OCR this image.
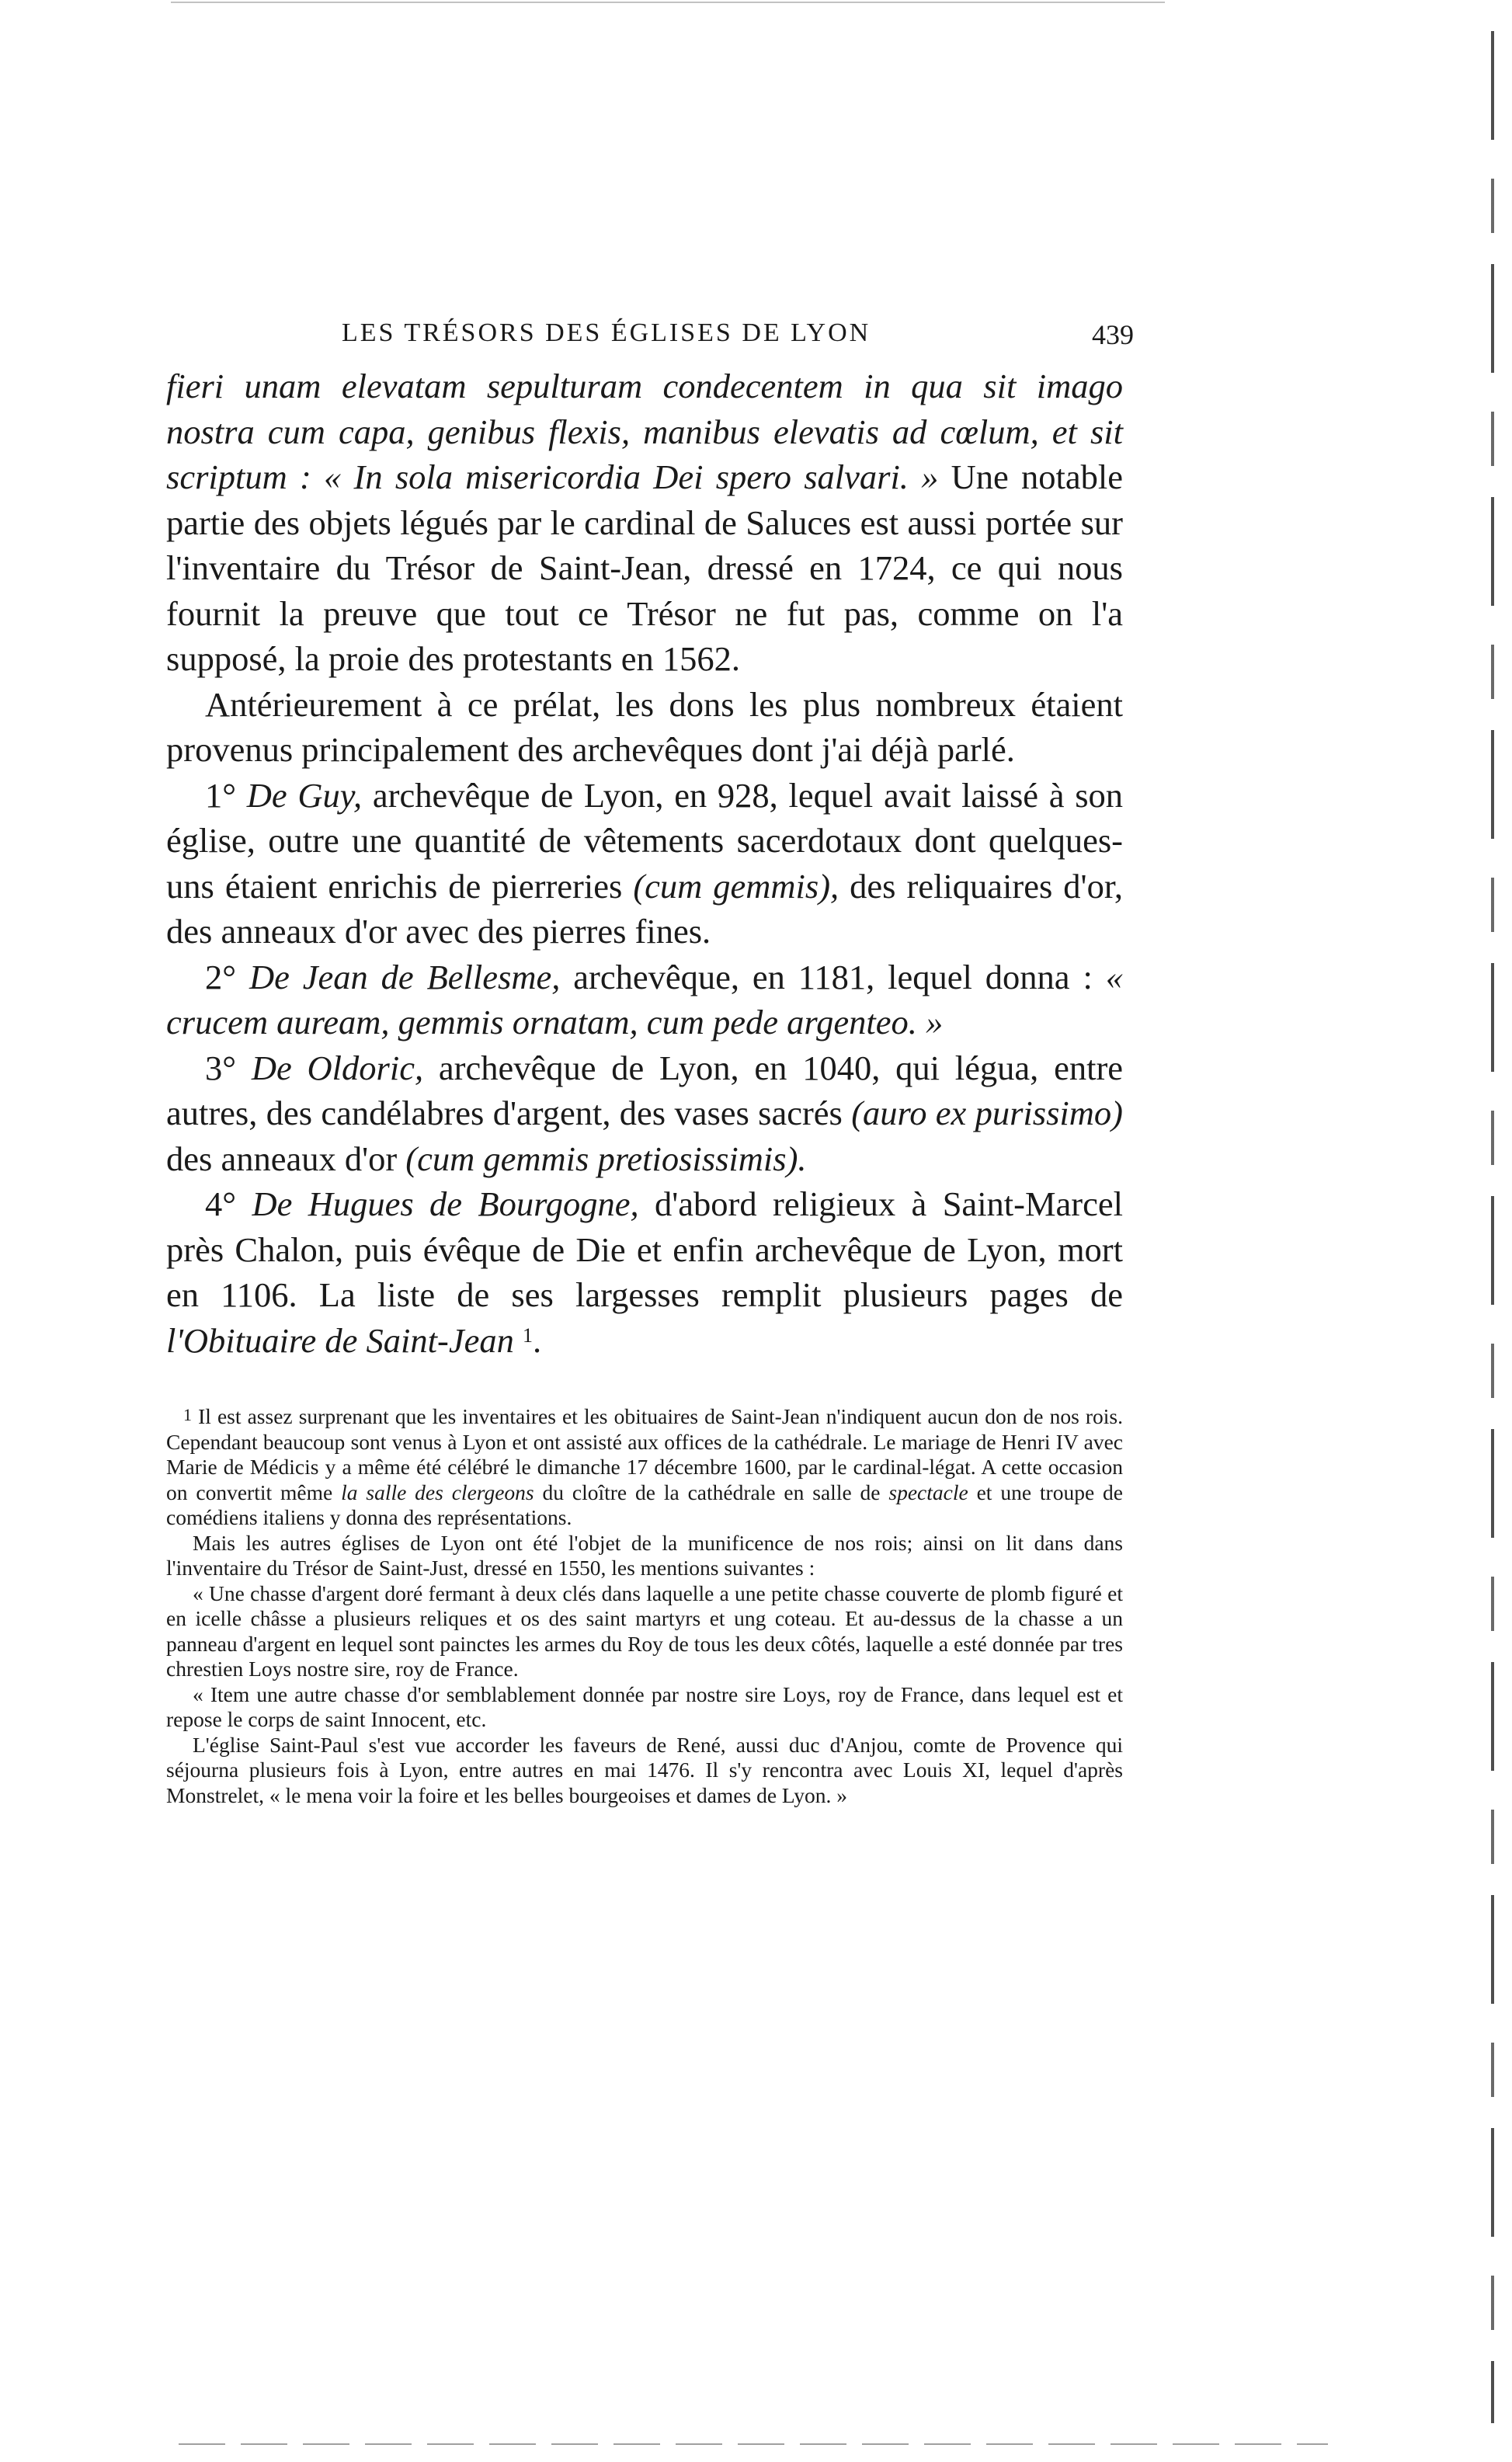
LES TRÉSORS DES ÉGLISES DE LYON	439

fieri unam elevatam sepulturam condecentem in qua sit imago nostra cum capa, genibus flexis, manibus elevatis ad cœlum, et sit scriptum : « In sola misericordia Dei spero salvari. » Une notable partie des objets légués par le cardinal de Saluces est aussi portée sur l'inventaire du Trésor de Saint-Jean, dressé en 1724, ce qui nous fournit la preuve que tout ce Trésor ne fut pas, comme on l'a supposé, la proie des protestants en 1562.

Antérieurement à ce prélat, les dons les plus nombreux étaient provenus principalement des archevêques dont j'ai déjà parlé.

1° De Guy, archevêque de Lyon, en 928, lequel avait laissé à son église, outre une quantité de vêtements sacerdotaux dont quelques-uns étaient enrichis de pierreries (cum gemmis), des reliquaires d'or, des anneaux d'or avec des pierres fines.

2° De Jean de Bellesme, archevêque, en 1181, lequel donna : « crucem auream, gemmis ornatam, cum pede argenteo. »

3° De Oldoric, archevêque de Lyon, en 1040, qui légua, entre autres, des candélabres d'argent, des vases sacrés (auro ex purissimo) des anneaux d'or (cum gemmis pretiosissimis).

4° De Hugues de Bourgogne, d'abord religieux à Saint-Marcel près Chalon, puis évêque de Die et enfin archevêque de Lyon, mort en 1106. La liste de ses largesses remplit plusieurs pages de l'Obituaire de Saint-Jean $^1$.

$^1$ Il est assez surprenant que les inventaires et les obituaires de Saint-Jean n'indiquent aucun don de nos rois. Cependant beaucoup sont venus à Lyon et ont assisté aux offices de la cathédrale. Le mariage de Henri IV avec Marie de Médicis y a même été célébré le dimanche 17 décembre 1600, par le cardinal-légat. A cette occasion on convertit même la salle des clergeons du cloître de la cathédrale en salle de spectacle et une troupe de comédiens italiens y donna des représentations.

Mais les autres églises de Lyon ont été l'objet de la munificence de nos rois; ainsi on lit dans dans l'inventaire du Trésor de Saint-Just, dressé en 1550, les mentions suivantes :

« Une chasse d'argent doré fermant à deux clés dans laquelle a une petite chasse couverte de plomb figuré et en icelle châsse a plusieurs reliques et os des saint martyrs et ung coteau. Et au-dessus de la chasse a un panneau d'argent en lequel sont painctes les armes du Roy de tous les deux côtés, laquelle a esté donnée par tres chrestien Loys nostre sire, roy de France.

« Item une autre chasse d'or semblablement donnée par nostre sire Loys, roy de France, dans lequel est et repose le corps de saint Innocent, etc.

L'église Saint-Paul s'est vue accorder les faveurs de René, aussi duc d'Anjou, comte de Provence qui séjourna plusieurs fois à Lyon, entre autres en mai 1476. Il s'y rencontra avec Louis XI, lequel d'après Monstrelet, « le mena voir la foire et les belles bourgeoises et dames de Lyon. »
